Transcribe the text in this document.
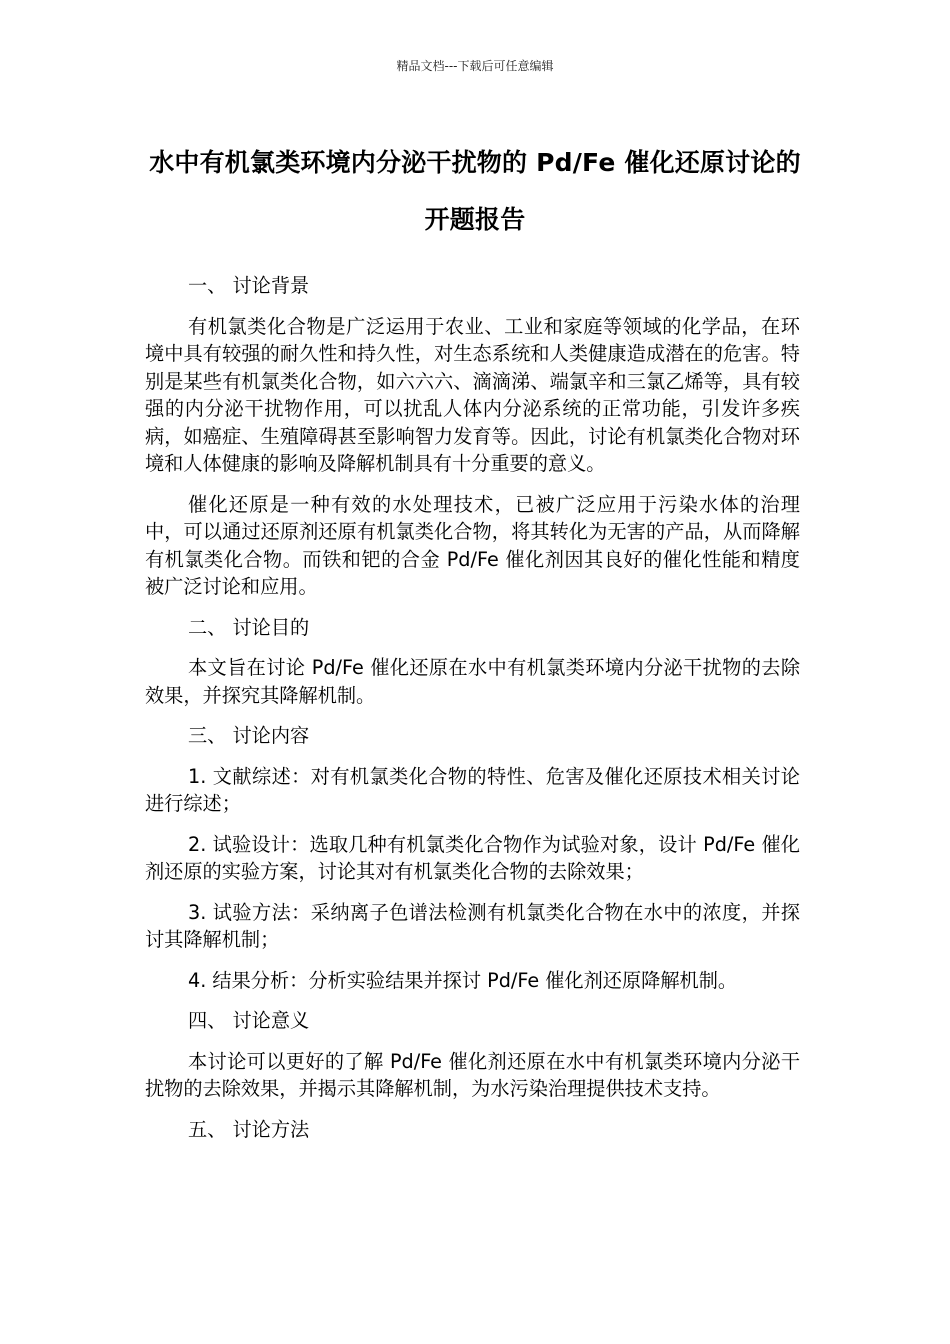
精品文档---下载后可任意编辑
水中有机氯类环境内分泌干扰物的 Pd/Fe 催化还原讨论的开题报告

一、 讨论背景

有机氯类化合物是广泛运用于农业、工业和家庭等领域的化学品，在环境中具有较强的耐久性和持久性，对生态系统和人类健康造成潜在的危害。特别是某些有机氯类化合物，如六六六、滴滴涕、端氯辛和三氯乙烯等，具有较强的内分泌干扰物作用，可以扰乱人体内分泌系统的正常功能，引发许多疾病，如癌症、生殖障碍甚至影响智力发育等。因此，讨论有机氯类化合物对环境和人体健康的影响及降解机制具有十分重要的意义。

催化还原是一种有效的水处理技术，已被广泛应用于污染水体的治理中，可以通过还原剂还原有机氯类化合物，将其转化为无害的产品，从而降解有机氯类化合物。而铁和钯的合金 Pd/Fe 催化剂因其良好的催化性能和精度被广泛讨论和应用。

二、 讨论目的

本文旨在讨论 Pd/Fe 催化还原在水中有机氯类环境内分泌干扰物的去除效果，并探究其降解机制。

三、 讨论内容

1. 文献综述：对有机氯类化合物的特性、危害及催化还原技术相关讨论进行综述；

2. 试验设计：选取几种有机氯类化合物作为试验对象，设计 Pd/Fe 催化剂还原的实验方案，讨论其对有机氯类化合物的去除效果；

3. 试验方法：采纳离子色谱法检测有机氯类化合物在水中的浓度，并探讨其降解机制；

4. 结果分析：分析实验结果并探讨 Pd/Fe 催化剂还原降解机制。

四、 讨论意义

本讨论可以更好的了解 Pd/Fe 催化剂还原在水中有机氯类环境内分泌干扰物的去除效果，并揭示其降解机制，为水污染治理提供技术支持。

五、 讨论方法
